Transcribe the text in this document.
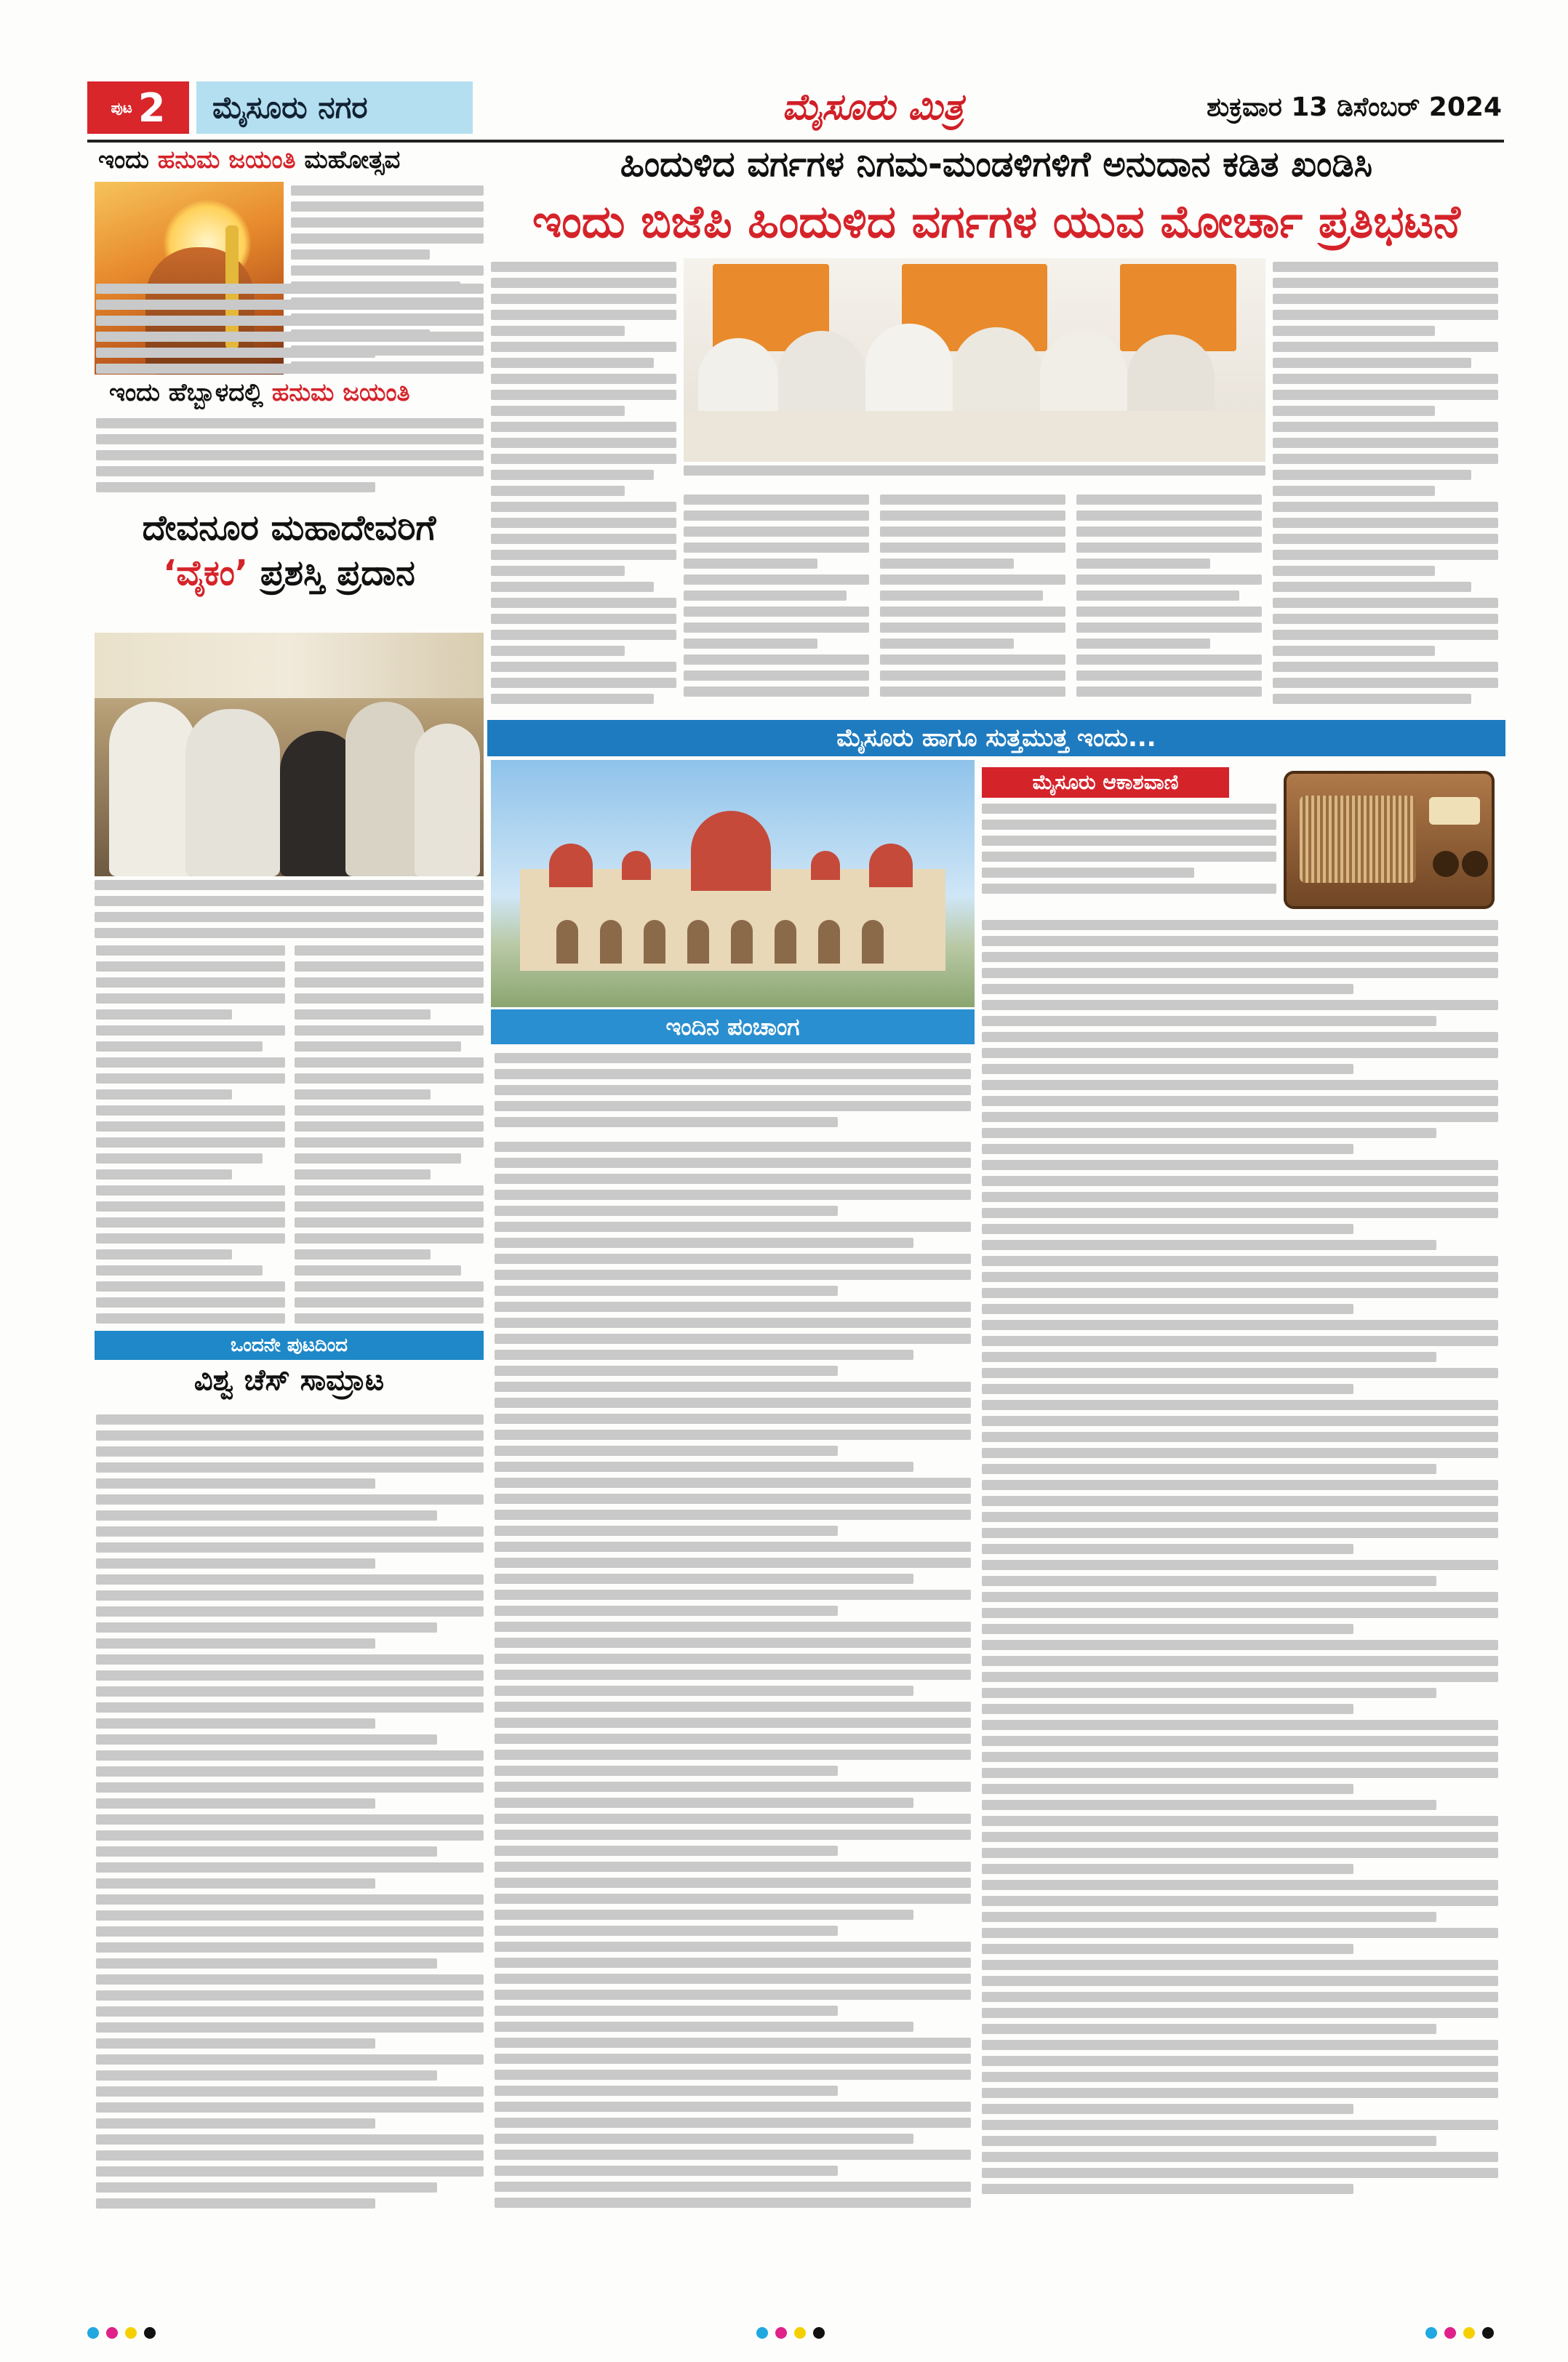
ಪುಟ 2	ಮೈಸೂರು ನಗರ	ಮೈಸೂರು ಮಿತ್ರ	ಶುಕ್ರವಾರ 13 ಡಿಸೆಂಬರ್ 2024
ಇಂದು ಹನುಮ ಜಯಂತಿ ಮಹೋತ್ಸವ
ಇಂದು ಹೆಬ್ಬಾಳದಲ್ಲಿ ಹನುಮ ಜಯಂತಿ
ದೇವನೂರ ಮಹಾದೇವರಿಗೆ
‘ವೈಕಂ’ ಪ್ರಶಸ್ತಿ ಪ್ರದಾನ
ಒಂದನೇ ಪುಟದಿಂದ
ವಿಶ್ವ ಚೆಸ್ ಸಾಮ್ರಾಟ
ಹಿಂದುಳಿದ ವರ್ಗಗಳ ನಿಗಮ-ಮಂಡಳಿಗಳಿಗೆ ಅನುದಾನ ಕಡಿತ ಖಂಡಿಸಿ
ಇಂದು ಬಿಜೆಪಿ ಹಿಂದುಳಿದ ವರ್ಗಗಳ ಯುವ ಮೋರ್ಚಾ ಪ್ರತಿಭಟನೆ
ಮೈಸೂರು ಹಾಗೂ ಸುತ್ತಮುತ್ತ ಇಂದು...
ಇಂದಿನ ಪಂಚಾಂಗ
ಮೈಸೂರು ಆಕಾಶವಾಣಿ
